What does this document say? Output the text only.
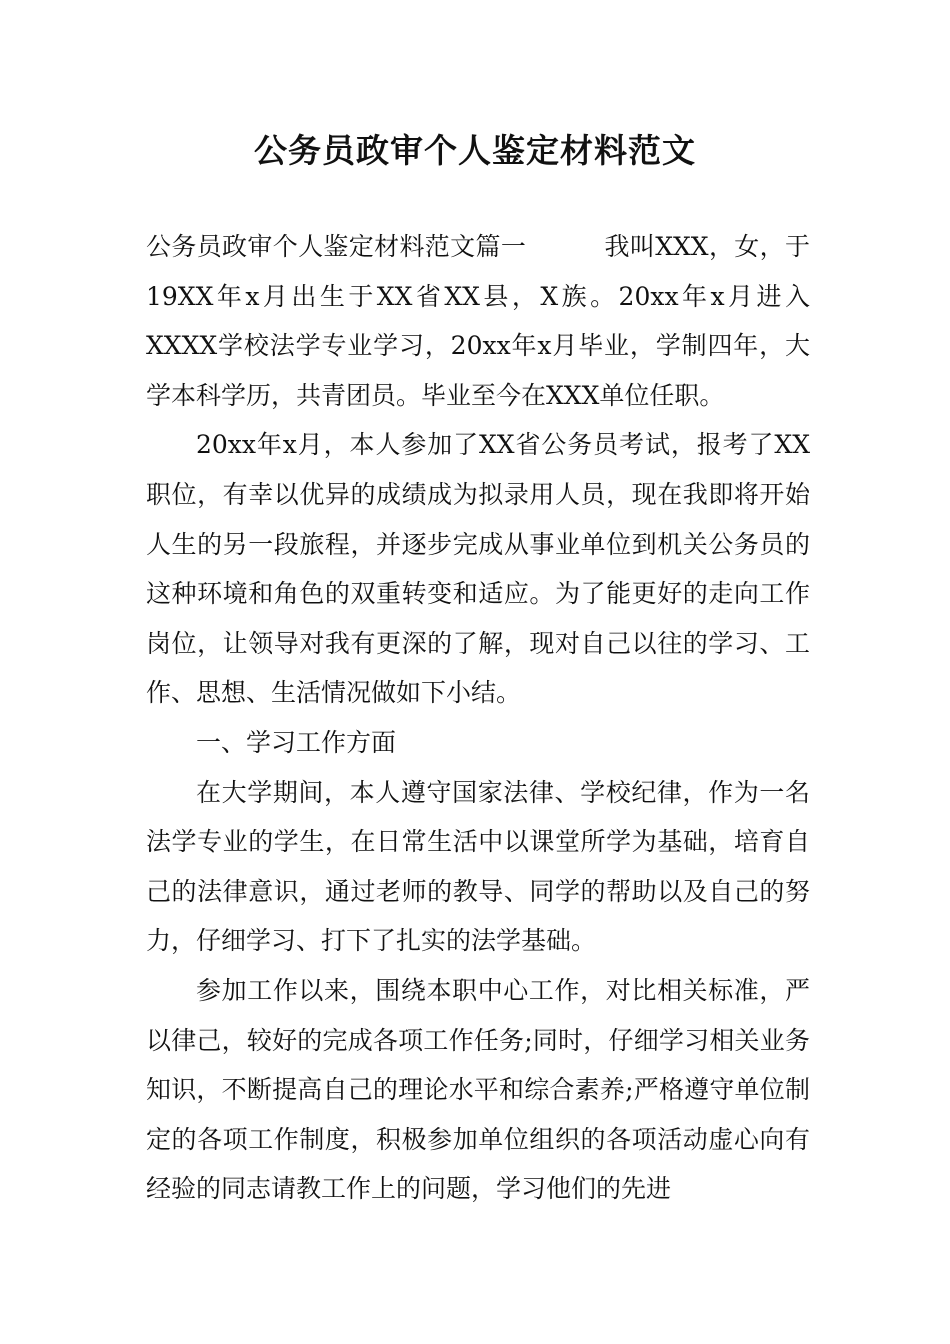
公务员政审个人鉴定材料范文

公务员政审个人鉴定材料范文篇一	我叫XXX，女，于19XX年x月出生于XX省XX县，X族。20xx年x月进入XXXX学校法学专业学习，20xx年x月毕业，学制四年，大学本科学历，共青团员。毕业至今在XXX单位任职。

20xx年x月，本人参加了XX省公务员考试，报考了XX职位，有幸以优异的成绩成为拟录用人员，现在我即将开始人生的另一段旅程，并逐步完成从事业单位到机关公务员的这种环境和角色的双重转变和适应。为了能更好的走向工作岗位，让领导对我有更深的了解，现对自己以往的学习、工作、思想、生活情况做如下小结。

一、学习工作方面

在大学期间，本人遵守国家法律、学校纪律，作为一名法学专业的学生，在日常生活中以课堂所学为基础，培育自己的法律意识，通过老师的教导、同学的帮助以及自己的努力，仔细学习、打下了扎实的法学基础。

参加工作以来，围绕本职中心工作，对比相关标准，严以律己，较好的完成各项工作任务;同时，仔细学习相关业务知识，不断提高自己的理论水平和综合素养;严格遵守单位制定的各项工作制度，积极参加单位组织的各项活动虚心向有经验的同志请教工作上的问题，学习他们的先进
